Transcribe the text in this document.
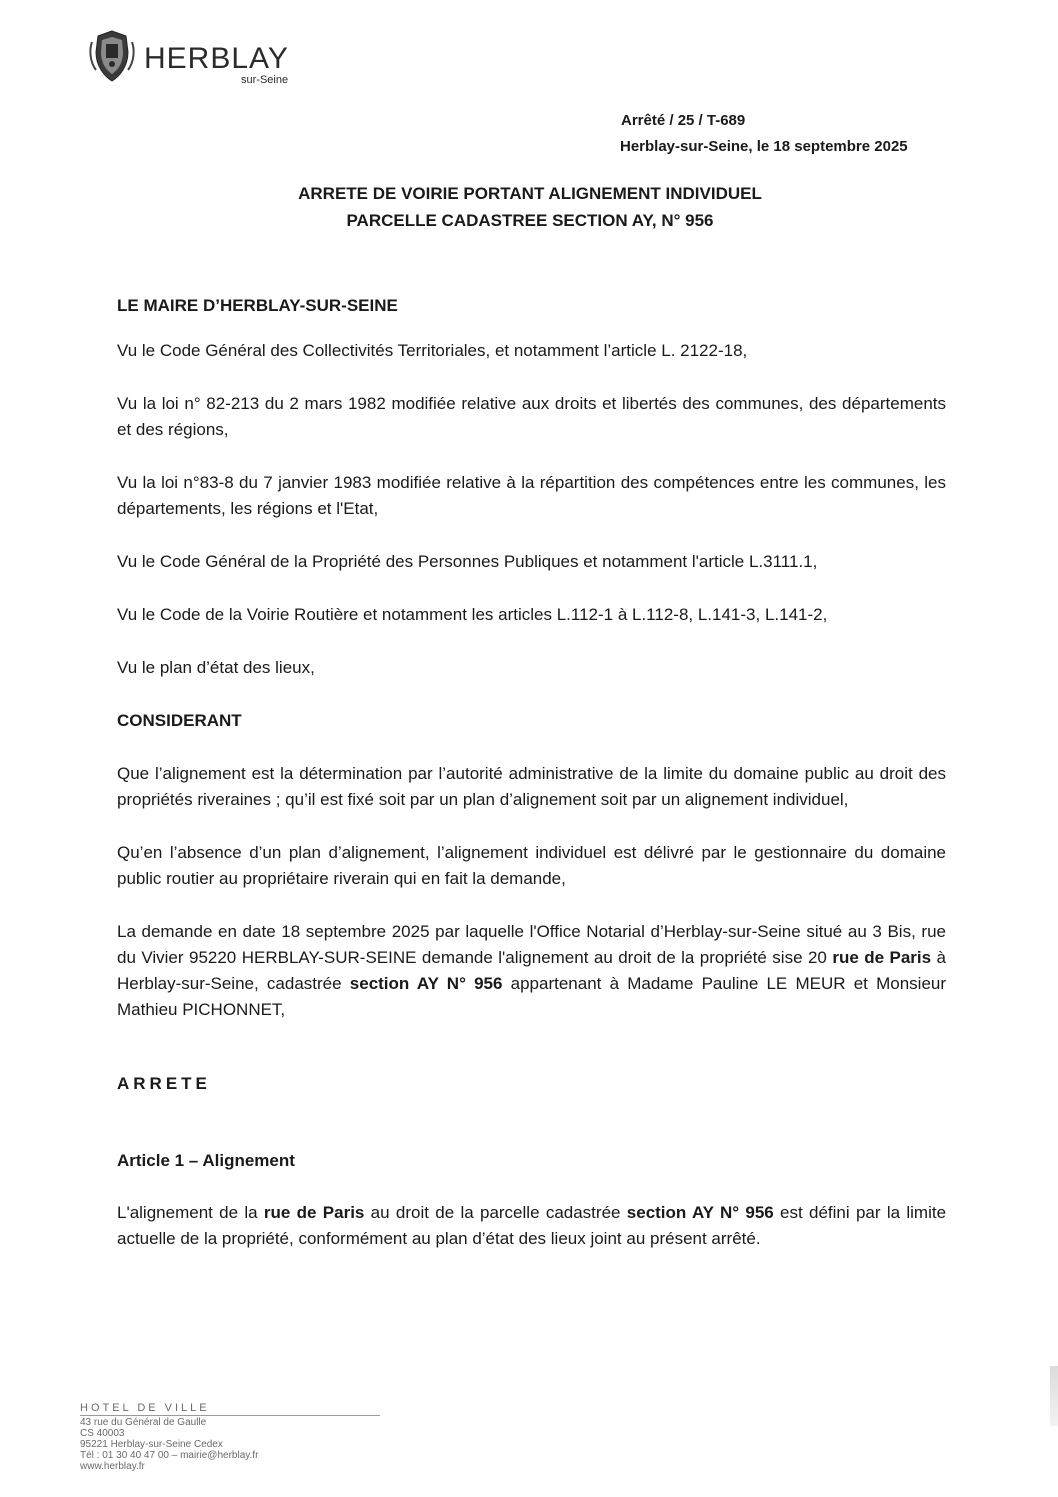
HERBLAY
sur-Seine
Arrêté / 25 / T-689
Herblay-sur-Seine, le 18 septembre 2025
ARRETE DE VOIRIE PORTANT ALIGNEMENT INDIVIDUEL
PARCELLE CADASTREE SECTION AY, N° 956

LE MAIRE D’HERBLAY-SUR-SEINE

Vu le Code Général des Collectivités Territoriales, et notamment l’article L. 2122-18,

Vu la loi n° 82-213 du 2 mars 1982 modifiée relative aux droits et libertés des communes, des départements et des régions,

Vu la loi n°83-8 du 7 janvier 1983 modifiée relative à la répartition des compétences entre les communes, les départements, les régions et l'Etat,

Vu le Code Général de la Propriété des Personnes Publiques et notamment l'article L.3111.1,

Vu le Code de la Voirie Routière et notamment les articles L.112-1 à L.112-8, L.141-3, L.141-2,

Vu le plan d’état des lieux,

CONSIDERANT

Que l’alignement est la détermination par l’autorité administrative de la limite du domaine public au droit des propriétés riveraines ; qu’il est fixé soit par un plan d’alignement soit par un alignement individuel,

Qu’en l’absence d’un plan d’alignement, l’alignement individuel est délivré par le gestionnaire du domaine public routier au propriétaire riverain qui en fait la demande,

La demande en date 18 septembre 2025 par laquelle l'Office Notarial d’Herblay-sur-Seine situé au 3 Bis, rue du Vivier 95220 HERBLAY-SUR-SEINE demande l'alignement au droit de la propriété sise 20 rue de Paris à Herblay-sur-Seine, cadastrée section AY N° 956 appartenant à Madame Pauline LE MEUR et Monsieur Mathieu PICHONNET,

ARRETE

Article 1 – Alignement

L'alignement de la rue de Paris au droit de la parcelle cadastrée section AY N° 956 est défini par la limite actuelle de la propriété, conformément au plan d’état des lieux joint au présent arrêté.

HOTEL DE VILLE
43 rue du Général de Gaulle
CS 40003
95221 Herblay-sur-Seine Cedex
Tél : 01 30 40 47 00 – mairie@herblay.fr
www.herblay.fr
